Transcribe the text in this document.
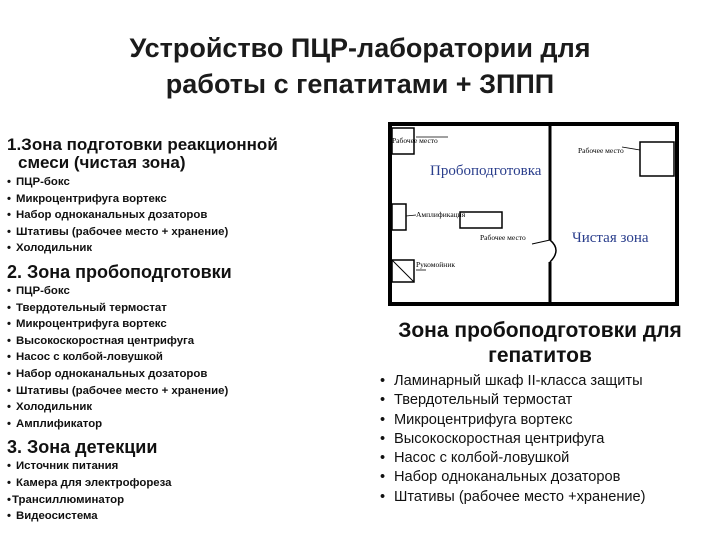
Устройство ПЦР-лаборатории для
работы с гепатитами + ЗППП
1.Зона подготовки реакционной
смеси (чистая зона)
• ПЦР-бокс
• Микроцентрифуга вортекс
• Набор одноканальных дозаторов
• Штативы (рабочее место + хранение)
• Холодильник
2. Зона пробоподготовки
• ПЦР-бокс
• Твердотельный термостат
• Микроцентрифуга вортекс
• Высокоскоростная центрифуга
• Насос с колбой-ловушкой
• Набор одноканальных дозаторов
• Штативы (рабочее место + хранение)
• Холодильник
• Амплификатор
3. Зона детекции
• Источник питания
• Камера для электрофореза
•Трансиллюминатор
• Видеосистема
Рабочее место
Рабочее место
Пробоподготовка
Амплификация
Рабочее место	Чистая зона
Рукомойник
Зона пробоподготовки для
гепатитов
• Ламинарный шкаф II-класса защиты
• Твердотельный термостат
• Микроцентрифуга вортекс
• Высокоскоростная центрифуга
• Насос с колбой-ловушкой
• Набор одноканальных дозаторов
• Штативы (рабочее место +хранение)
